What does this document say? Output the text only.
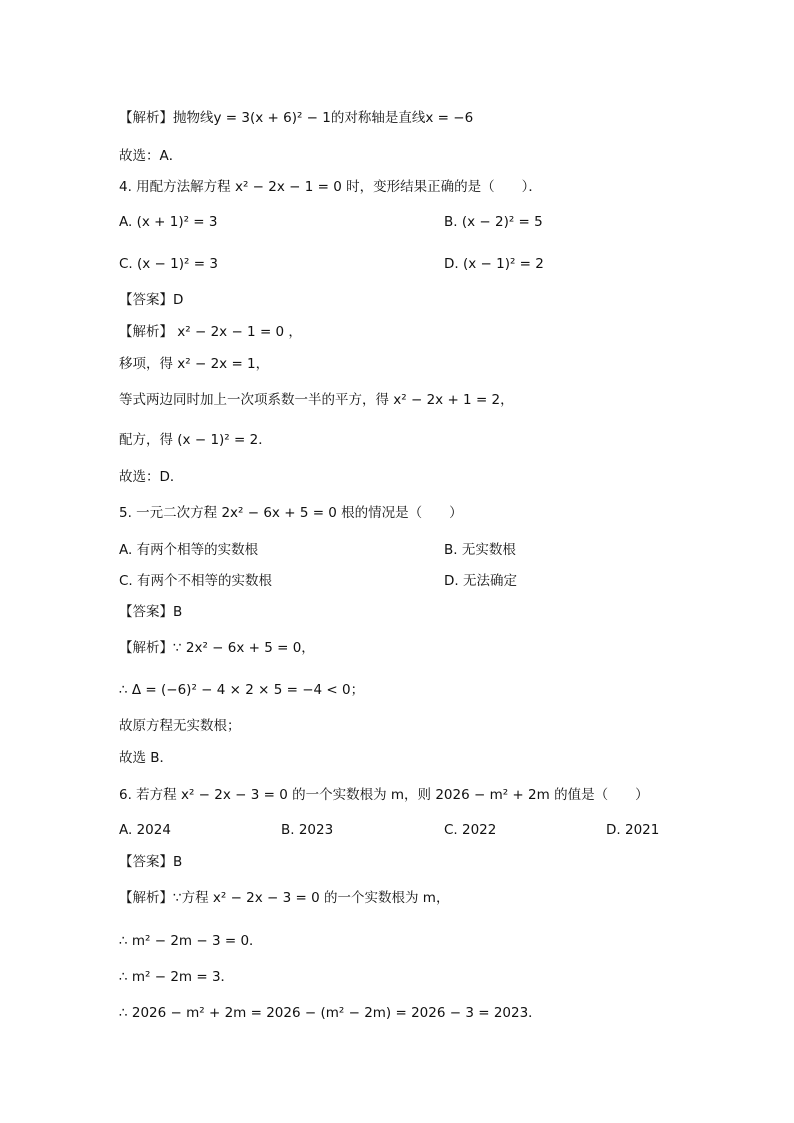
【解析】抛物线y = 3(x + 6)² − 1的对称轴是直线x = −6
故选：A．
4. 用配方法解方程 x² − 2x − 1 = 0 时，变形结果正确的是（　　）．
A. (x + 1)² = 3	B. (x − 2)² = 5
C. (x − 1)² = 3	D. (x − 1)² = 2
【答案】D
【解析】 x² − 2x − 1 = 0 ，
移项，得 x² − 2x = 1，
等式两边同时加上一次项系数一半的平方，得 x² − 2x + 1 = 2，
配方，得 (x − 1)² = 2．
故选：D．
5. 一元二次方程 2x² − 6x + 5 = 0 根的情况是（　　）
A. 有两个相等的实数根	B. 无实数根
C. 有两个不相等的实数根	D. 无法确定
【答案】B
【解析】∵ 2x² − 6x + 5 = 0，
∴ Δ = (−6)² − 4 × 2 × 5 = −4 < 0；
故原方程无实数根；
故选 B．
6. 若方程 x² − 2x − 3 = 0 的一个实数根为 m，则 2026 − m² + 2m 的值是（　　）
A. 2024	B. 2023	C. 2022	D. 2021
【答案】B
【解析】∵方程 x² − 2x − 3 = 0 的一个实数根为 m，
∴ m² − 2m − 3 = 0．
∴ m² − 2m = 3．
∴ 2026 − m² + 2m = 2026 − (m² − 2m) = 2026 − 3 = 2023．
